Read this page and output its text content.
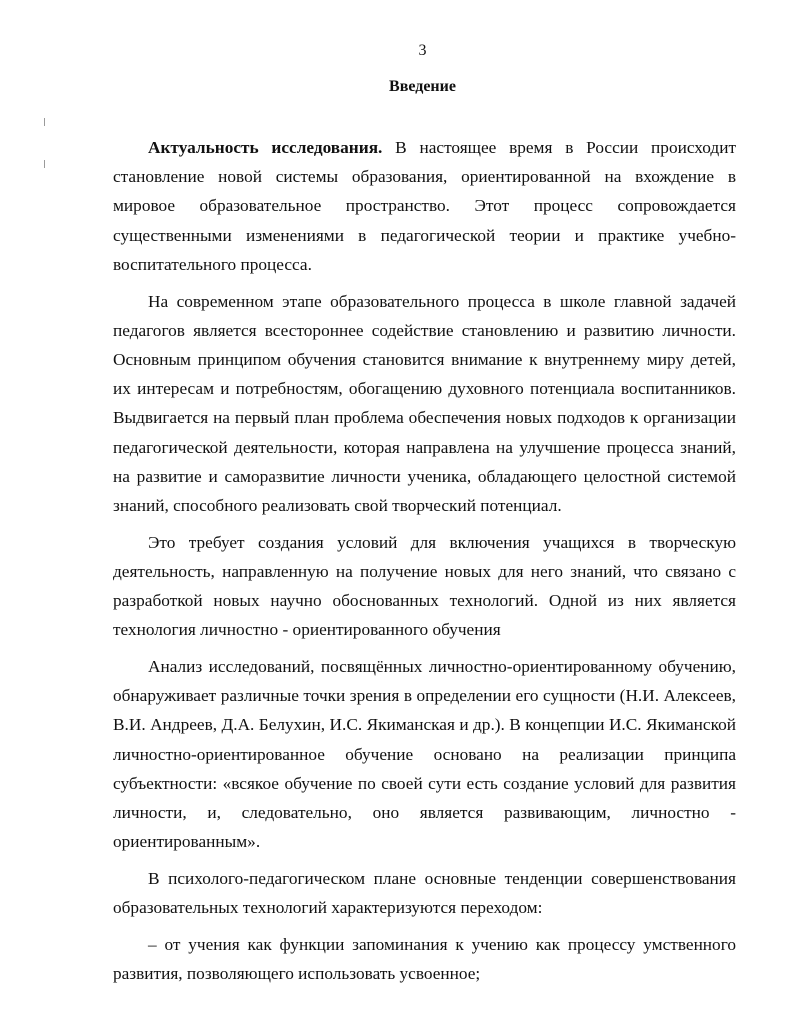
3
Введение

Актуальность исследования. В настоящее время в России происходит становление новой системы образования, ориентированной на вхождение в мировое образовательное пространство. Этот процесс сопровождается существенными изменениями в педагогической теории и практике учебно-воспитательного процесса.

На современном этапе образовательного процесса в школе главной задачей педагогов является всестороннее содействие становлению и развитию личности. Основным принципом обучения становится внимание к внутреннему миру детей, их интересам и потребностям, обогащению духовного потенциала воспитанников. Выдвигается на первый план проблема обеспечения новых подходов к организации педагогической деятельности, которая направлена на улучшение процесса знаний, на развитие и саморазвитие личности ученика, обладающего целостной системой знаний, способного реализовать свой творческий потенциал.

Это требует создания условий для включения учащихся в творческую деятельность, направленную на получение новых для него знаний, что связано с разработкой новых научно обоснованных технологий. Одной из них является технология личностно - ориентированного обучения

Анализ исследований, посвящённых личностно-ориентированному обучению, обнаруживает различные точки зрения в определении его сущности (Н.И. Алексеев, В.И. Андреев, Д.А. Белухин, И.С. Якиманская и др.). В концепции И.С. Якиманской личностно-ориентированное обучение основано на реализации принципа субъектности: «всякое обучение по своей сути есть создание условий для развития личности, и, следовательно, оно является развивающим, личностно - ориентированным».

В психолого-педагогическом плане основные тенденции совершенствования образовательных технологий характеризуются переходом:

– от учения как функции запоминания к учению как процессу умственного развития, позволяющего использовать усвоенное;
